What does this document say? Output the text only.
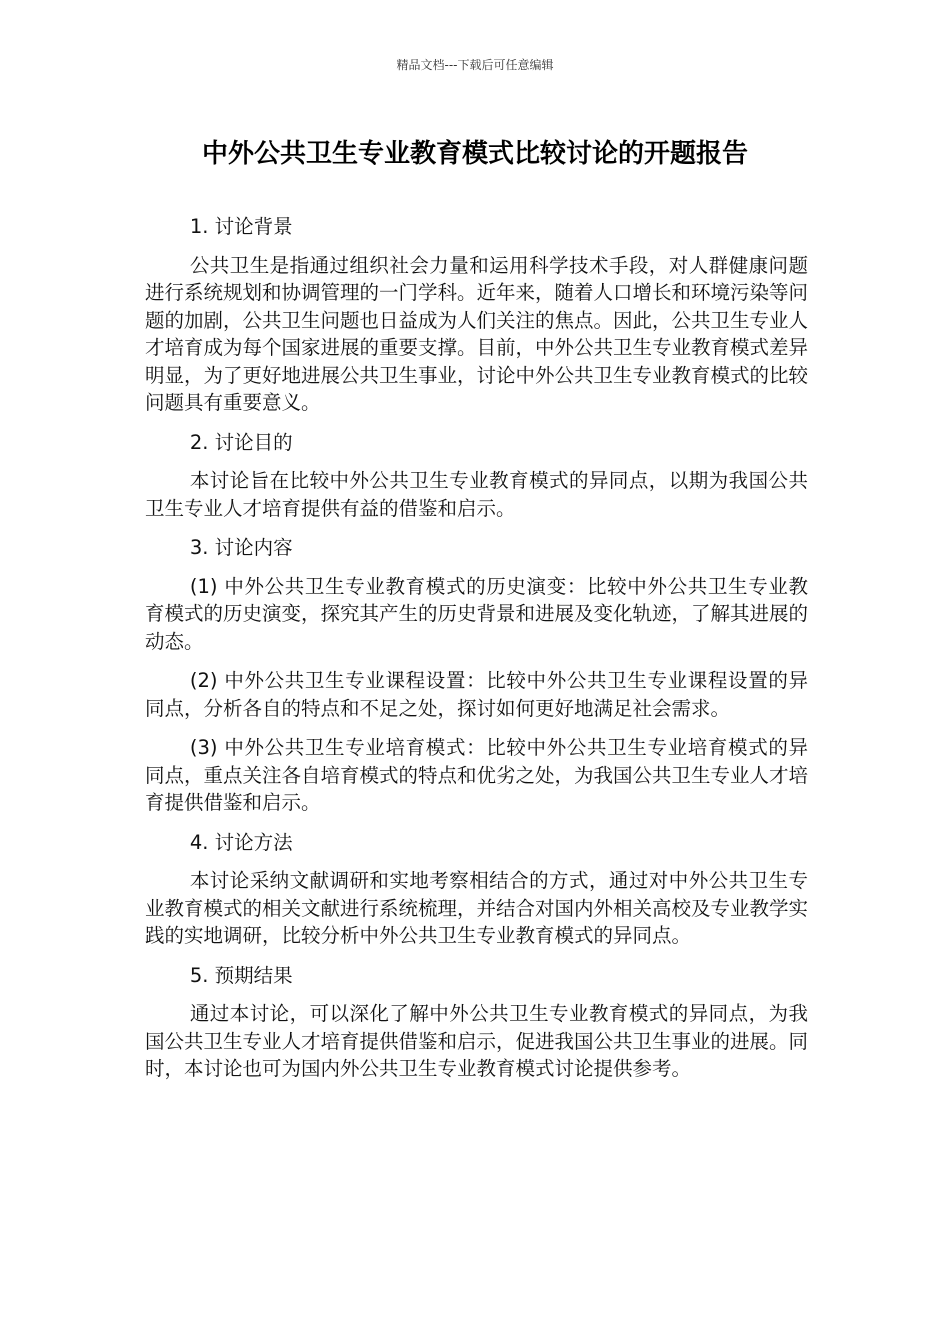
精品文档---下载后可任意编辑
中外公共卫生专业教育模式比较讨论的开题报告

1. 讨论背景

公共卫生是指通过组织社会力量和运用科学技术手段，对人群健康问题进行系统规划和协调管理的一门学科。近年来，随着人口增长和环境污染等问题的加剧，公共卫生问题也日益成为人们关注的焦点。因此，公共卫生专业人才培育成为每个国家进展的重要支撑。目前，中外公共卫生专业教育模式差异明显，为了更好地进展公共卫生事业，讨论中外公共卫生专业教育模式的比较问题具有重要意义。

2. 讨论目的

本讨论旨在比较中外公共卫生专业教育模式的异同点，以期为我国公共卫生专业人才培育提供有益的借鉴和启示。

3. 讨论内容

(1) 中外公共卫生专业教育模式的历史演变：比较中外公共卫生专业教育模式的历史演变，探究其产生的历史背景和进展及变化轨迹，了解其进展的动态。

(2) 中外公共卫生专业课程设置：比较中外公共卫生专业课程设置的异同点，分析各自的特点和不足之处，探讨如何更好地满足社会需求。

(3) 中外公共卫生专业培育模式：比较中外公共卫生专业培育模式的异同点，重点关注各自培育模式的特点和优劣之处，为我国公共卫生专业人才培育提供借鉴和启示。

4. 讨论方法

本讨论采纳文献调研和实地考察相结合的方式，通过对中外公共卫生专业教育模式的相关文献进行系统梳理，并结合对国内外相关高校及专业教学实践的实地调研，比较分析中外公共卫生专业教育模式的异同点。

5. 预期结果

通过本讨论，可以深化了解中外公共卫生专业教育模式的异同点，为我国公共卫生专业人才培育提供借鉴和启示，促进我国公共卫生事业的进展。同时，本讨论也可为国内外公共卫生专业教育模式讨论提供参考。
